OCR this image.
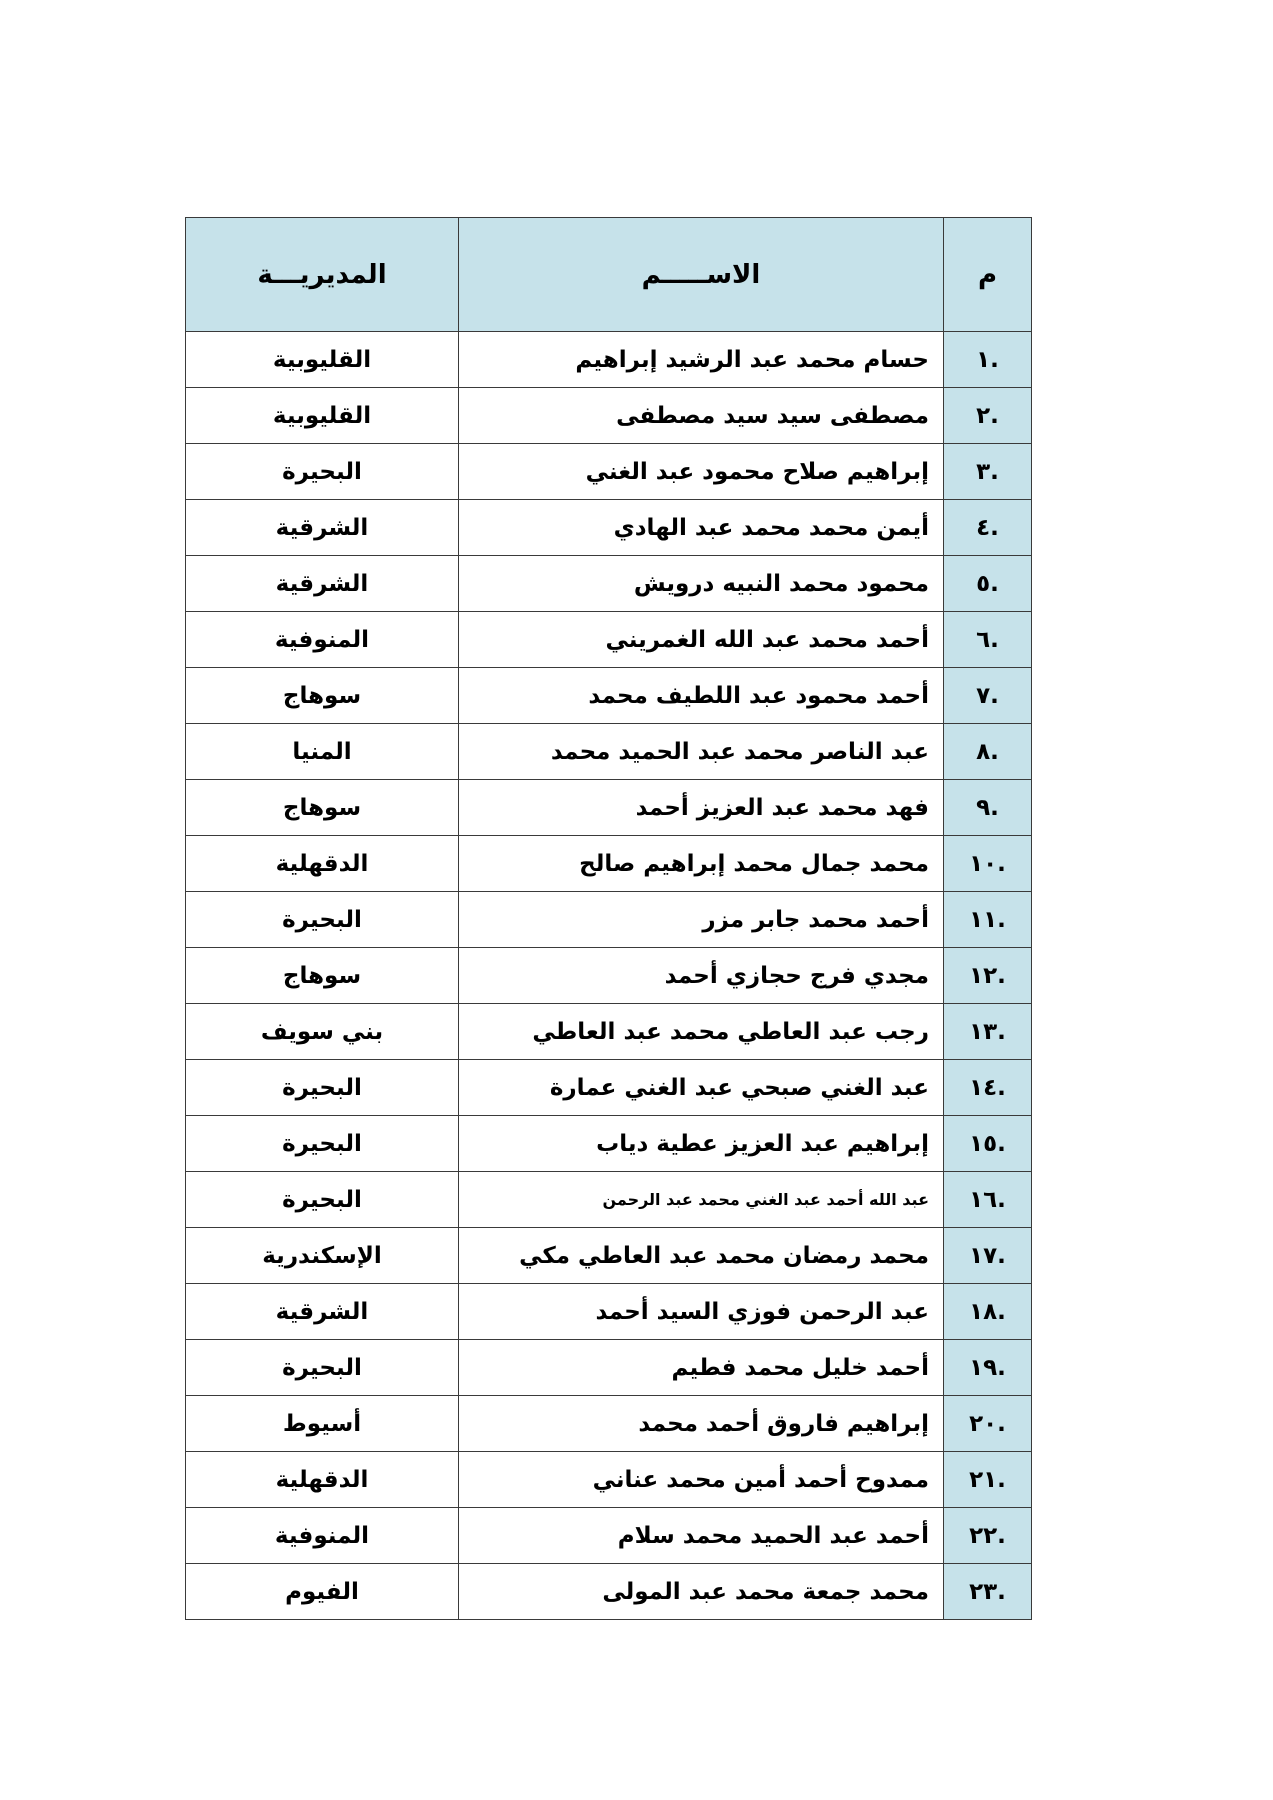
م	الاســـــم	المديريـــة
.١	حسام محمد عبد الرشيد إبراهيم	القليوبية
.٢	مصطفى سيد سيد مصطفى	القليوبية
.٣	إبراهيم صلاح محمود عبد الغني	البحيرة
.٤	أيمن محمد محمد عبد الهادي	الشرقية
.٥	محمود محمد النبيه درويش	الشرقية
.٦	أحمد محمد عبد الله الغمريني	المنوفية
.٧	أحمد محمود عبد اللطيف محمد	سوهاج
.٨	عبد الناصر محمد عبد الحميد محمد	المنيا
.٩	فهد محمد عبد العزيز أحمد	سوهاج
.١٠	محمد جمال محمد إبراهيم صالح	الدقهلية
.١١	أحمد محمد جابر مزر	البحيرة
.١٢	مجدي فرج حجازي أحمد	سوهاج
.١٣	رجب عبد العاطي محمد عبد العاطي	بني سويف
.١٤	عبد الغني صبحي عبد الغني عمارة	البحيرة
.١٥	إبراهيم عبد العزيز عطية دياب	البحيرة
.١٦	عبد الله أحمد عبد الغني محمد عبد الرحمن	البحيرة
.١٧	محمد رمضان محمد عبد العاطي مكي	الإسكندرية
.١٨	عبد الرحمن فوزي السيد أحمد	الشرقية
.١٩	أحمد خليل محمد فطيم	البحيرة
.٢٠	إبراهيم فاروق أحمد محمد	أسيوط
.٢١	ممدوح أحمد أمين محمد عناني	الدقهلية
.٢٢	أحمد عبد الحميد محمد سلام	المنوفية
.٢٣	محمد جمعة محمد عبد المولى	الفيوم
